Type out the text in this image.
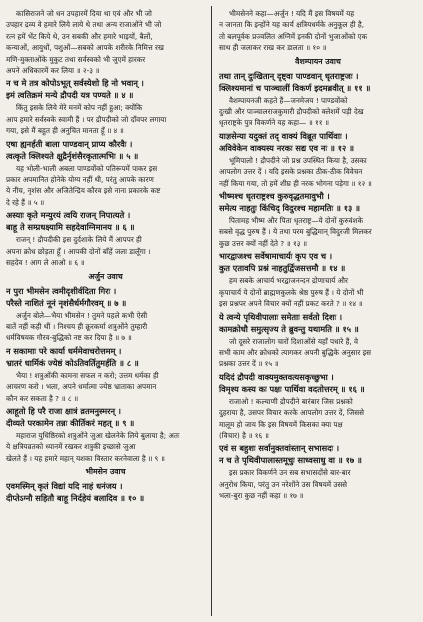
कासिराजने जो धन उपहारमें दिया था एवं और भी जो
उपहार द्रव्य वे हमारे लिये लाये थे तथा अन्य राजाओंने भी जो
रत्न हमें भेंट किये थे, उन सबकी और हमारे भाइयों, बैलों,
कन्याओं, आयुधों, पशुओं—सबको आपके शरीरके निमित्त रख
मणि-मुक्ताओंके मुकुट तथा सर्वस्वको भी जुएमें हारकर
अपने अधिकारमें कर लिया ॥ २-३ ॥
न च मे तत्र कोपोऽभूत् सर्वस्येशो हि नो भवान् ।
इमं त्वतिक्रमं मन्ये द्रौपदी यत्र पण्यते ॥ ४ ॥
किंतु इसके लिये मेरे मनमें कोप नहीं हुआ; क्योंकि
आप हमारे सर्वस्वके स्वामी हैं । पर द्रौपदीको जो दाँवपर लगाया
गया, इसे मैं बहुत ही अनुचित मानता हूँ ॥ ४ ॥
एषा ह्यनर्हती बाला पाण्डवान् प्राप्य कौरवैः ।
त्वत्कृते क्लिश्यते क्षुद्रैर्नृशंसैरकृतात्मभिः ॥ ५ ॥
यह भोली-भाली अबला पाण्डवोंको पतिरूपमें पाकर इस
प्रकार अपमानित होनेके योग्य नहीं थी, परंतु आपके कारण
ये नीच, नृशंस और अजितेन्द्रिय कौरव इसे नाना प्रकारके कष्ट
दे रहे हैं ॥ ५ ॥
अस्याः कृते मन्युरयं त्वयि राजन् निपात्यते ।
बाहू ते सम्प्रधक्ष्यामि सहदेवाग्निमानय ॥ ६ ॥
राजन् ! द्रौपदीकी इस दुर्दशाके लिये मैं आपपर ही
अपना क्रोध छोड़ता हूँ । आपकी दोनों बाँहें जला डालूँगा ।
सहदेव ! आग ले आओ ॥ ६ ॥
अर्जुन उवाच
न पुरा भीमसेन त्वमीदृशीर्वदिता गिरः ।
परैस्ते नाशितं नूनं नृशंसैर्धर्मगौरवम् ॥ ७ ॥
अर्जुन बोले—भैया भीमसेन ! तुमने पहले कभी ऐसी
बातें नहीं कही थीं । निश्चय ही क्रूरकर्मा शत्रुओंने तुम्हारी
धर्मविषयक गौरव-बुद्धिको नष्ट कर दिया है ॥ ७ ॥
न सकामाः परे कार्या धर्ममेवाचरोत्तमम् ।
भ्रातरं धार्मिकं ज्येष्ठं कोऽतिवर्तितुमर्हति ॥ ८ ॥
भैया ! शत्रुओंकी कामना सफल न करो; उत्तम धर्मका ही
आचरण करो । भला, अपने धर्मात्मा ज्येष्ठ भ्राताका अपमान
कौन कर सकता है ? ॥ ८ ॥
आहूतो हि परै राजा क्षात्रं व्रतमनुस्मरन् ।
दीव्यते परकामेन तन्नः कीर्तिकरं महत् ॥ ९ ॥
महाराज युधिष्ठिरको शत्रुओंने जुआ खेलनेके लिये बुलाया है; अतः
ये क्षत्रियव्रतको ध्यानमें रखकर शत्रुकी इच्छासे जुआ
खेलते हैं । यह हमारे महान् यशका विस्तार करनेवाला है ॥ ९ ॥
भीमसेन उवाच
एवमस्मिन् कृतं विद्यां यदि नाहं धनंजय ।
दीप्तेऽग्नौ सहितौ बाहू निर्दहेयं बलादिव ॥ १० ॥
भीमसेनने कहा—अर्जुन ! यदि मैं इस विषयमें यह
न जानता कि इन्होंने यह कार्य क्षत्रियधर्मके अनुकूल ही है,
तो बलपूर्वक प्रज्वलित अग्निमें इनकी दोनों भुजाओंको एक
साथ ही जलाकर राख कर डालता ॥ १० ॥
वैशम्पायन उवाच
तथा तान् दुःखितान् दृष्ट्वा पाण्डवान् धृतराष्ट्रजः ।
क्लिश्यमानां च पाञ्चालीं विकर्ण इदमब्रवीत् ॥ ११ ॥
वैशम्पायनजी कहते हैं—जनमेजय ! पाण्डवोंको
दुःखी और पाञ्चालराजकुमारी द्रौपदीको क्लेशमें पड़ी देख
धृतराष्ट्रके पुत्र विकर्णने यह कहा— ॥ ११ ॥
याज्ञसेन्या यदुक्तं तद् वाक्यं विब्रूत पार्थिवाः ।
अविवेकेन वाक्यस्य नरकः सद्य एव नः ॥ १२ ॥
भूमिपालो ! द्रौपदीने जो प्रश्न उपस्थित किया है, उसका
आपलोग उत्तर दें । यदि इसके प्रश्नका ठीक-ठीक विवेचन
नहीं किया गया, तो हमें शीघ्र ही नरक भोगना पड़ेगा ॥ १२ ॥
भीष्मश्च धृतराष्ट्रश्च कुरुवृद्धतमावुभौ ।
समेत्य नाहतुः किंचिद् विदुरश्च महामतिः ॥ १३ ॥
पितामह भीष्म और पिता धृतराष्ट्र—ये दोनों कुरुवंशके
सबसे वृद्ध पुरुष हैं । ये तथा परम बुद्धिमान् विदुरजी मिलकर
कुछ उत्तर क्यों नहीं देते ? ॥ १३ ॥
भारद्वाजश्च सर्वेषामाचार्यः कृप एव च ।
कुत एतावपि प्रश्नं नाहतुर्द्विजसत्तमौ ॥ १४ ॥
हम सबके आचार्य भरद्वाजनन्दन द्रोणाचार्य और
कृपाचार्य ये दोनों ब्राह्मणकुलके श्रेष्ठ पुरुष हैं । ये दोनों भी
इस प्रश्नपर अपने विचार क्यों नहीं प्रकट करते ? ॥ १४ ॥
ये त्वन्ये पृथिवीपालाः समेताः सर्वतो दिशः ।
कामक्रोधौ समुत्सृज्य ते ब्रुवन्तु यथामति ॥ १५ ॥
जो दूसरे राजालोग चारों दिशाओंसे यहाँ पधारे हैं, वे
सभी काम और क्रोधको त्यागकर अपनी बुद्धिके अनुसार इस
प्रश्नका उत्तर दें ॥ १५ ॥
यदिदं द्रौपदी वाक्यमुक्तवत्यसकृच्छुभा ।
विमृश्य कस्य कः पक्षः पार्थिवा वदतोत्तरम् ॥ १६ ॥
राजाओ ! कल्याणी द्रौपदीने बारंबार जिस प्रश्नको
दुहराया है, उसपर विचार करके आपलोग उत्तर दें, जिससे
मालूम हो जाय कि इस विषयमें किसका क्या पक्ष
(विचार) है ॥ १६ ॥
एवं स बहुशः सर्वानुक्तवांस्तान् सभासदः ।
न च ते पृथिवीपालास्तमूचुः साध्वसाधु वा ॥ १७ ॥
इस प्रकार विकर्णने उन सब सभासदोंसे बार-बार
अनुरोध किया, परंतु उन नरेशोंने उस विषयमें उससे
भला-बुरा कुछ नहीं कहा ॥ १७ ॥
